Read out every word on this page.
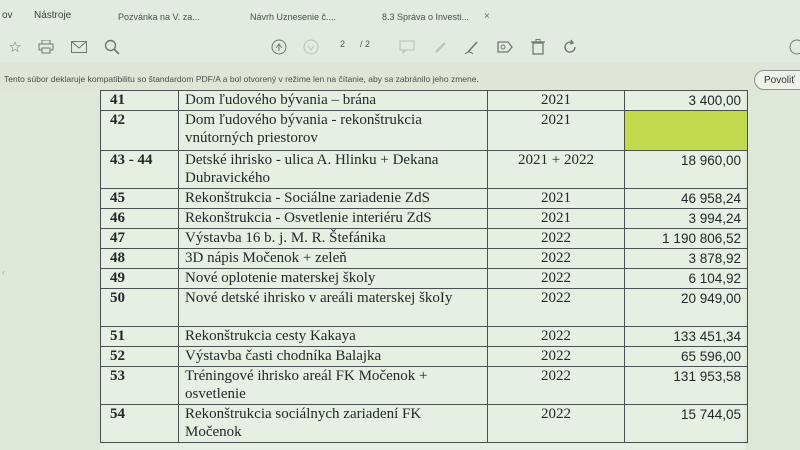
ov Nástroje	Pozvánka na V. za...	Návrh Uznesenie č....	8.3 Správa o Investi... ×
☆	2 / 2
Tento súbor deklaruje kompatibilitu so štandardom PDF/A a bol otvorený v režime len na čítanie, aby sa zabránilo jeho zmene.	Povoliť
‹
41	Dom ľudového bývania – brána	2021	3 400,00
42	Dom ľudového bývania - rekonštrukcia vnútorných priestorov	2021	
43 - 44	Detské ihrisko - ulica A. Hlinku + Dekana Dubravického	2021 + 2022	18 960,00
45	Rekonštrukcia - Sociálne zariadenie ZdS	2021	46 958,24
46	Rekonštrukcia - Osvetlenie interiéru ZdS	2021	3 994,24
47	Výstavba 16 b. j. M. R. Štefánika	2022	1 190 806,52
48	3D nápis Močenok + zeleň	2022	3 878,92
49	Nové oplotenie materskej školy	2022	6 104,92
50	Nové detské ihrisko v areáli materskej škoIy	2022	20 949,00
51	Rekonštrukcia cesty Kakaya	2022	133 451,34
52	Výstavba časti chodníka Balajka	2022	65 596,00
53	Tréningové ihrisko areál FK Močenok + osvetlenie	2022	131 953,58
54	Rekonštrukcia sociálnych zariadení FK Močenok	2022	15 744,05
